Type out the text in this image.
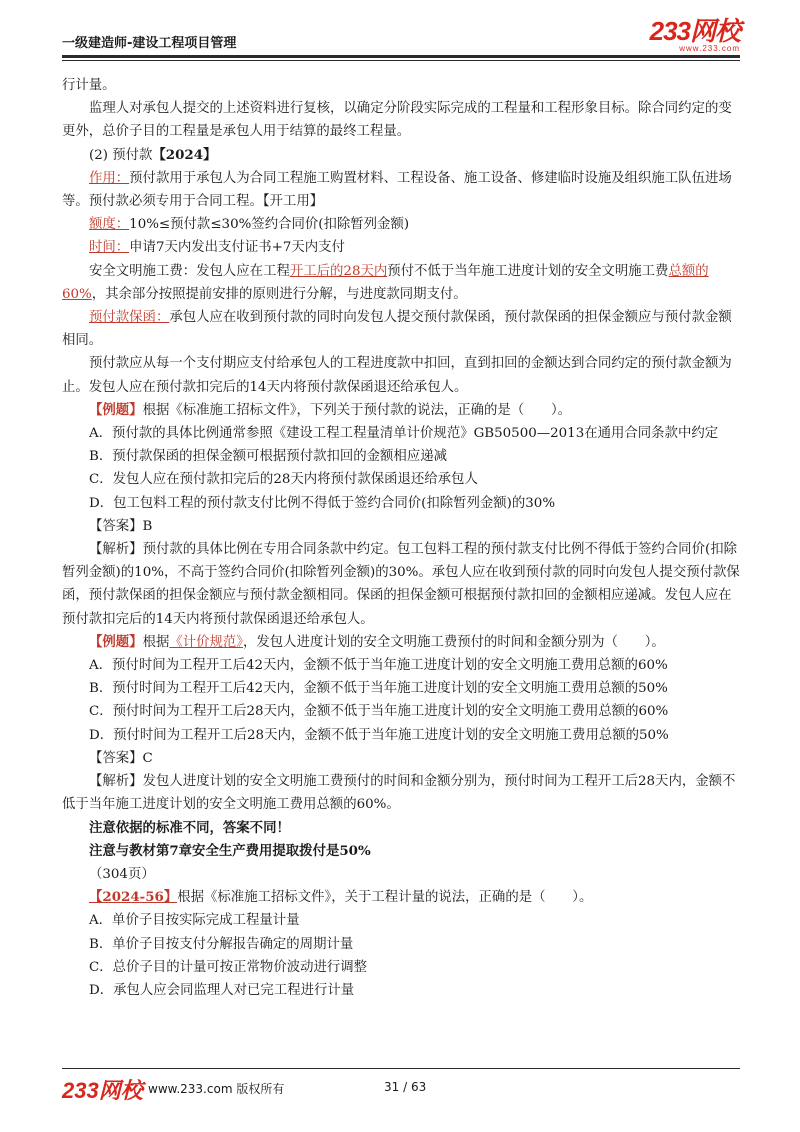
一级建造师-建设工程项目管理	233网校
www.233.com

行计量。

监理人对承包人提交的上述资料进行复核，以确定分阶段实际完成的工程量和工程形象目标。除合同约定的变更外，总价子目的工程量是承包人用于结算的最终工程量。

(2) 预付款【2024】

作用：预付款用于承包人为合同工程施工购置材料、工程设备、施工设备、修建临时设施及组织施工队伍进场等。预付款必须专用于合同工程。【开工用】

额度：10%≤预付款≤30%签约合同价(扣除暂列金额)

时间：申请7天内发出支付证书+7天内支付

安全文明施工费：发包人应在工程开工后的28天内预付不低于当年施工进度计划的安全文明施工费总额的60%，其余部分按照提前安排的原则进行分解，与进度款同期支付。

预付款保函：承包人应在收到预付款的同时向发包人提交预付款保函，预付款保函的担保金额应与预付款金额相同。

预付款应从每一个支付期应支付给承包人的工程进度款中扣回，直到扣回的金额达到合同约定的预付款金额为止。发包人应在预付款扣完后的14天内将预付款保函退还给承包人。

【例题】根据《标准施工招标文件》，下列关于预付款的说法，正确的是（　　）。

A．预付款的具体比例通常参照《建设工程工程量清单计价规范》GB50500—2013在通用合同条款中约定

B．预付款保函的担保金额可根据预付款扣回的金额相应递减

C．发包人应在预付款扣完后的28天内将预付款保函退还给承包人

D．包工包料工程的预付款支付比例不得低于签约合同价(扣除暂列金额)的30%

【答案】B

【解析】预付款的具体比例在专用合同条款中约定。包工包料工程的预付款支付比例不得低于签约合同价(扣除暂列金额)的10%，不高于签约合同价(扣除暂列金额)的30%。承包人应在收到预付款的同时向发包人提交预付款保函，预付款保函的担保金额应与预付款金额相同。保函的担保金额可根据预付款扣回的金额相应递减。发包人应在预付款扣完后的14天内将预付款保函退还给承包人。

【例题】根据《计价规范》，发包人进度计划的安全文明施工费预付的时间和金额分别为（　　）。

A．预付时间为工程开工后42天内，金额不低于当年施工进度计划的安全文明施工费用总额的60%

B．预付时间为工程开工后42天内，金额不低于当年施工进度计划的安全文明施工费用总额的50%

C．预付时间为工程开工后28天内，金额不低于当年施工进度计划的安全文明施工费用总额的60%

D．预付时间为工程开工后28天内，金额不低于当年施工进度计划的安全文明施工费用总额的50%

【答案】C

【解析】发包人进度计划的安全文明施工费预付的时间和金额分别为，预付时间为工程开工后28天内，金额不低于当年施工进度计划的安全文明施工费用总额的60%。

注意依据的标准不同，答案不同！

注意与教材第7章安全生产费用提取拨付是50%

（304页）

【2024-56】根据《标准施工招标文件》，关于工程计量的说法，正确的是（　　）。

A．单价子目按实际完成工程量计量

B．单价子目按支付分解报告确定的周期计量

C．总价子目的计量可按正常物价波动进行调整

D．承包人应会同监理人对已完工程进行计量

233网校 www.233.com 版权所有	31 / 63
